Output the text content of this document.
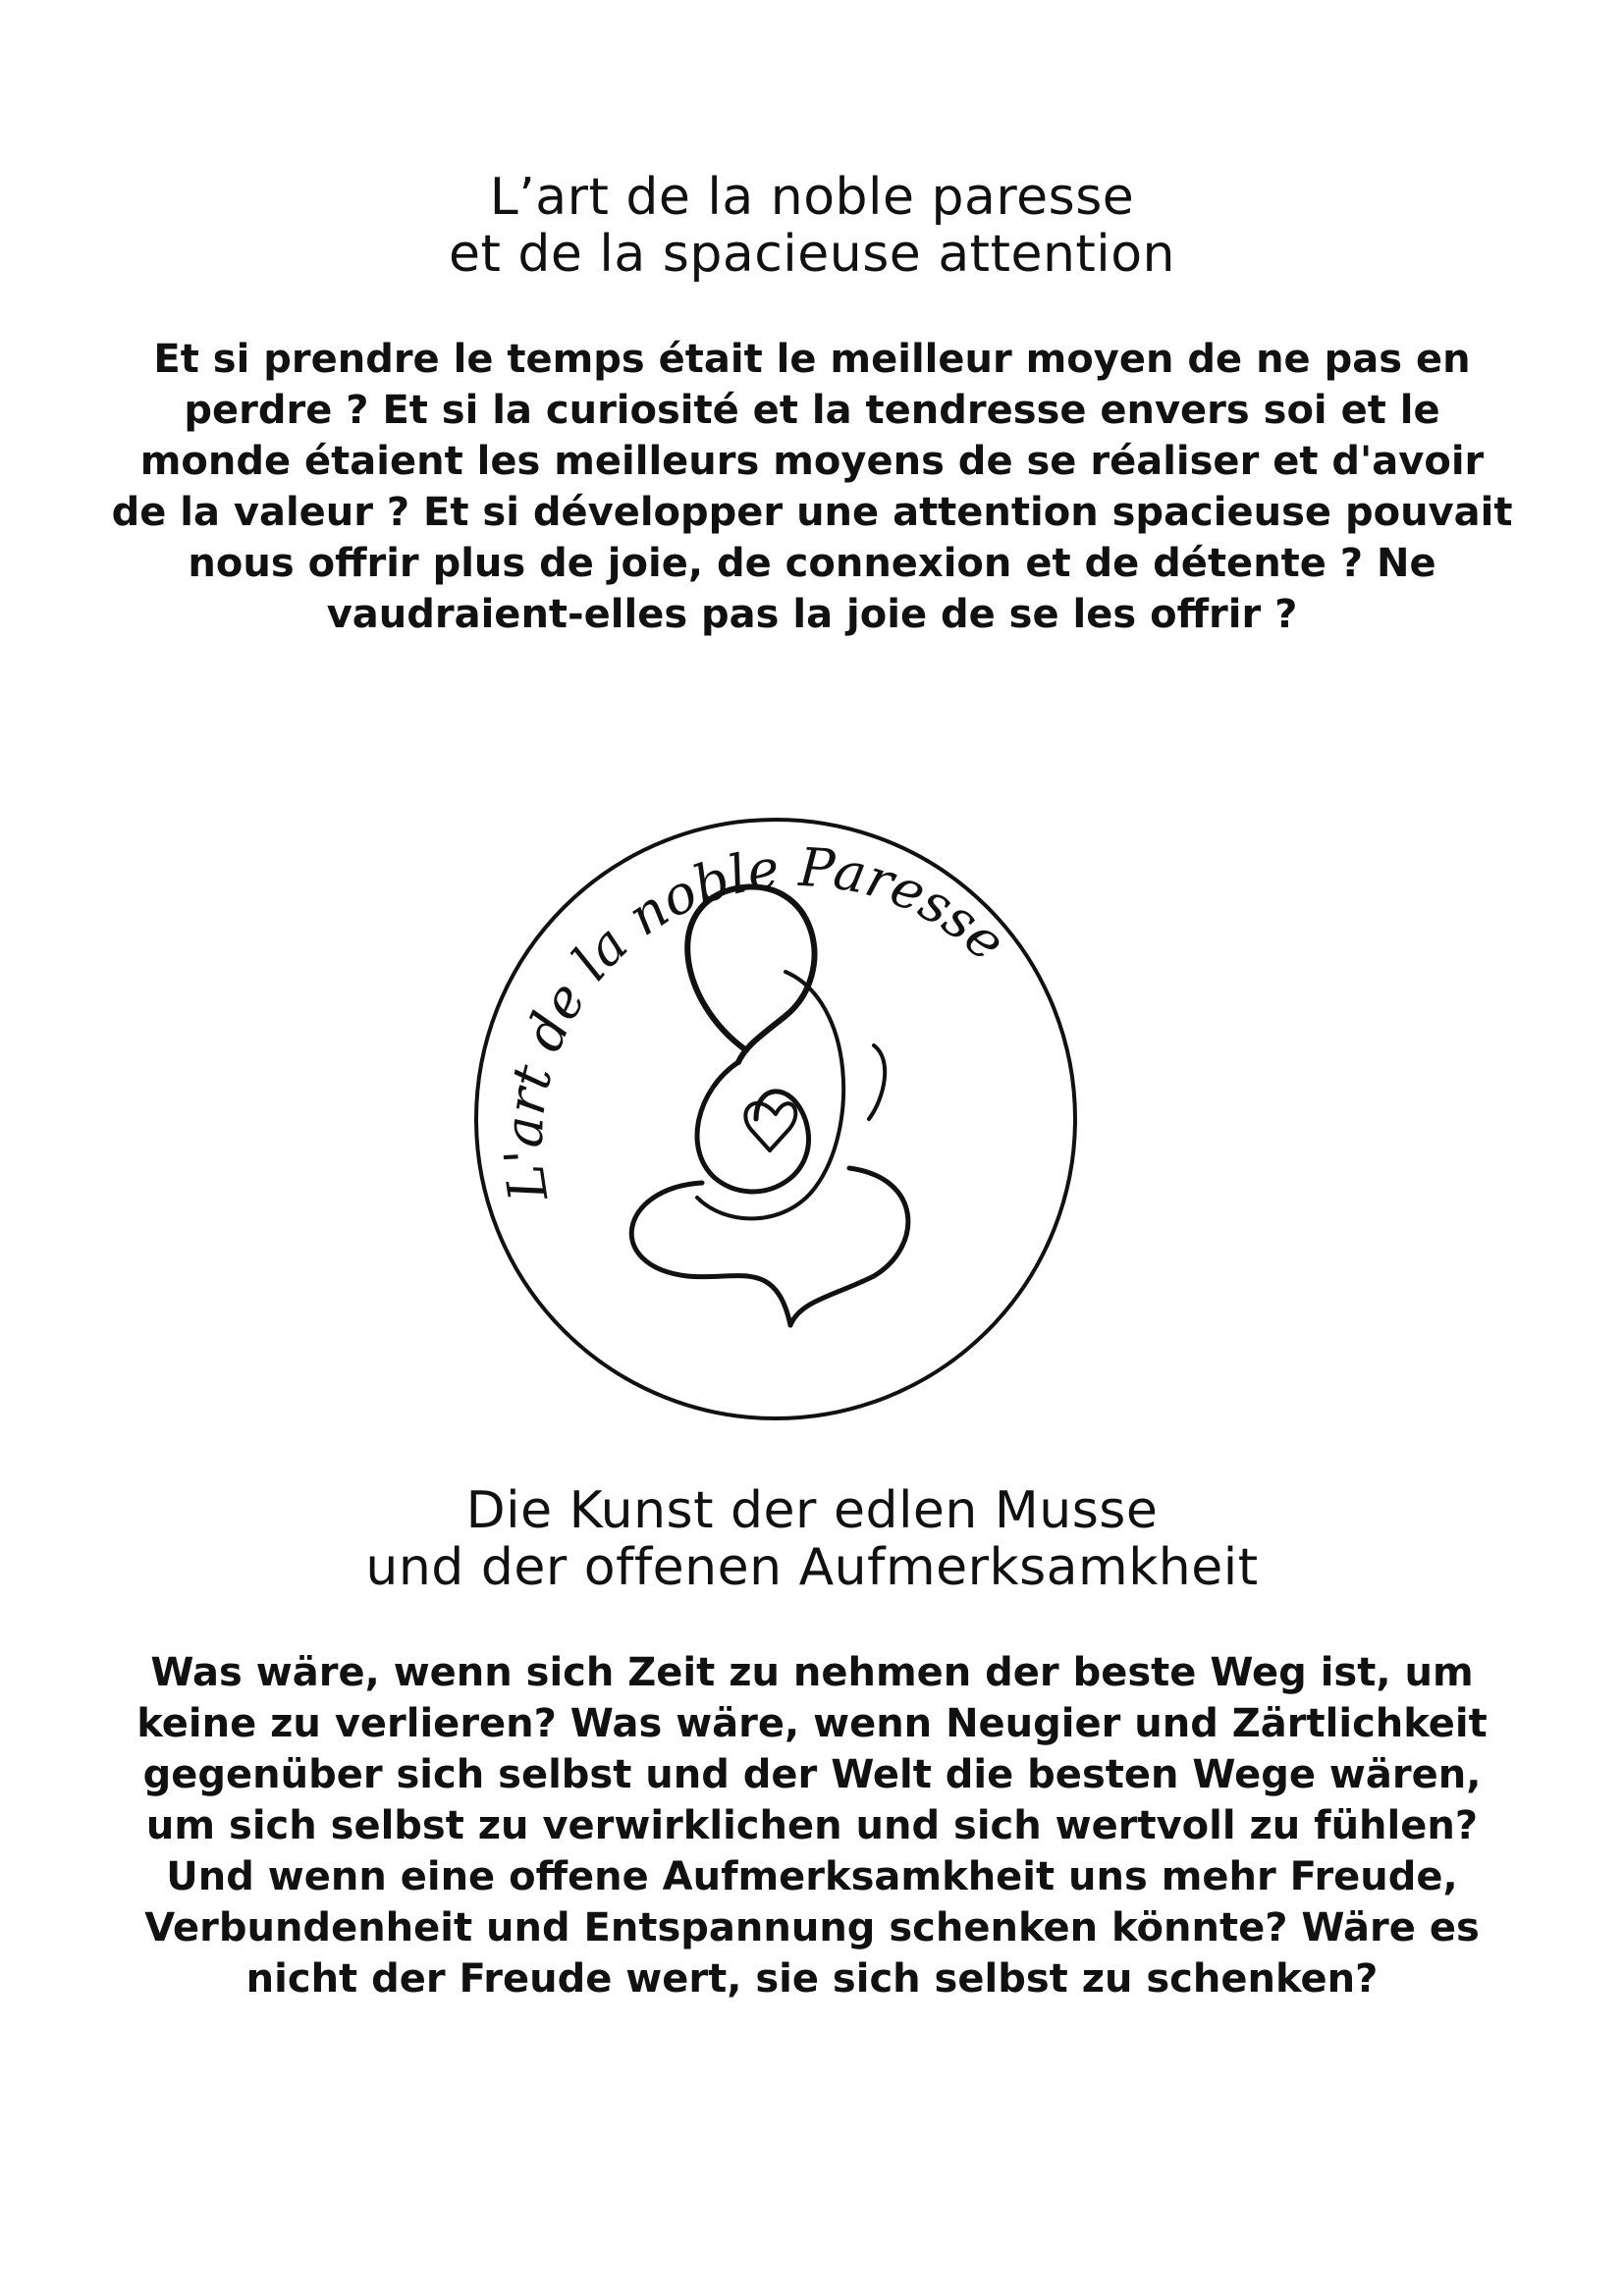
L’art de la noble paresse
et de la spacieuse attention

Et si prendre le temps était le meilleur moyen de ne pas en perdre ? Et si la curiosité et la tendresse envers soi et le monde étaient les meilleurs moyens de se réaliser et d'avoir de la valeur ? Et si développer une attention spacieuse pouvait nous offrir plus de joie, de connexion et de détente ? Ne vaudraient-elles pas la joie de se les offrir ?

L'art de la noble Paresse
Die Kunst der edlen Musse
und der offenen Aufmerksamkheit

Was wäre, wenn sich Zeit zu nehmen der beste Weg ist, um keine zu verlieren? Was wäre, wenn Neugier und Zärtlichkeit gegenüber sich selbst und der Welt die besten Wege wären, um sich selbst zu verwirklichen und sich wertvoll zu fühlen? Und wenn eine offene Aufmerksamkheit uns mehr Freude, Verbundenheit und Entspannung schenken könnte? Wäre es nicht der Freude wert, sie sich selbst zu schenken?
